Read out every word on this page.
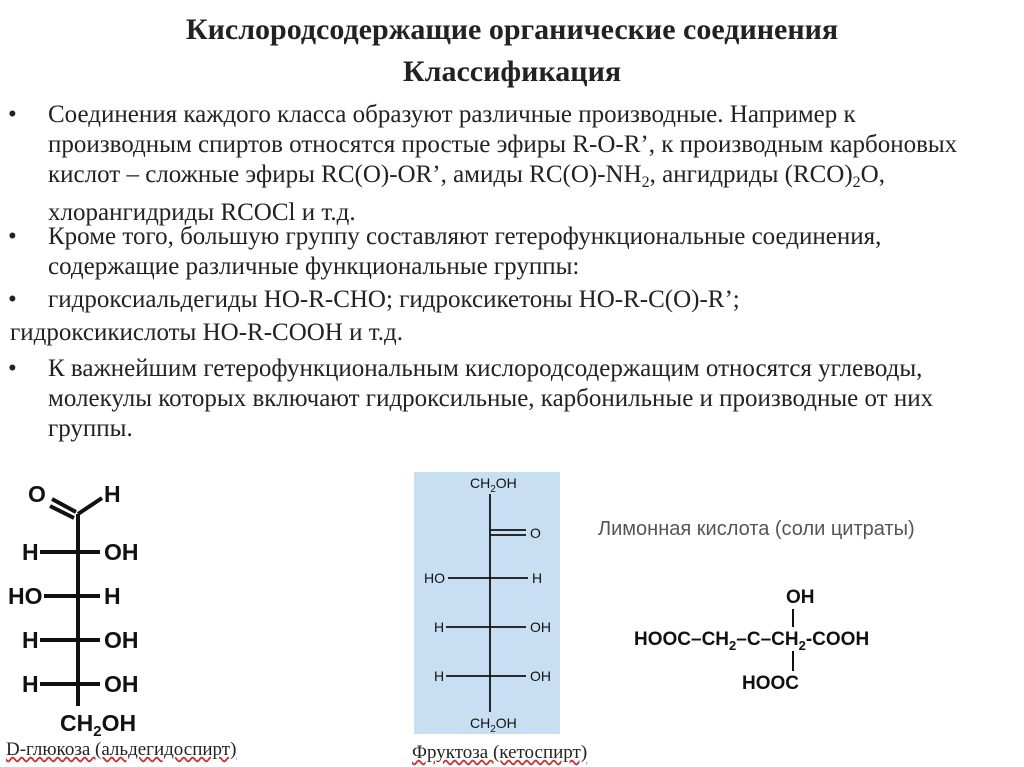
Кислородсодержащие органические соединения
Классификация
• Соединения каждого класса образуют различные производные. Например к производным спиртов относятся простые эфиры R-O-R’, к производным карбоновых кислот – сложные эфиры RC(O)-OR’, амиды $RC(O)-NH_2$, ангидриды $(RCO)_2O$, хлорангидриды RCOCl и т.д.
• Кроме того, большую группу составляют гетерофункциональные соединения, содержащие различные функциональные группы:
• гидроксиальдегиды HO-R-CHO; гидроксикетоны HO-R-C(O)-R’;
гидроксикислоты HO-R-COOH и т.д.
• К важнейшим гетерофункциональным кислородсодержащим относятся углеводы, молекулы которых включают гидроксильные, карбонильные и производные от них группы.
O	H
H	OH
HO	H
H	OH
H	OH
$CH_2OH$
D-глюкоза (альдегидоспирт)
$CH_2OH$
O
HO	H
H	OH
H	OH
$CH_2OH$
Фруктоза (кетоспирт)
Лимонная кислота (соли цитраты)
OH
HOOC–$CH_2-C-CH_2$-COOH
HOOC
